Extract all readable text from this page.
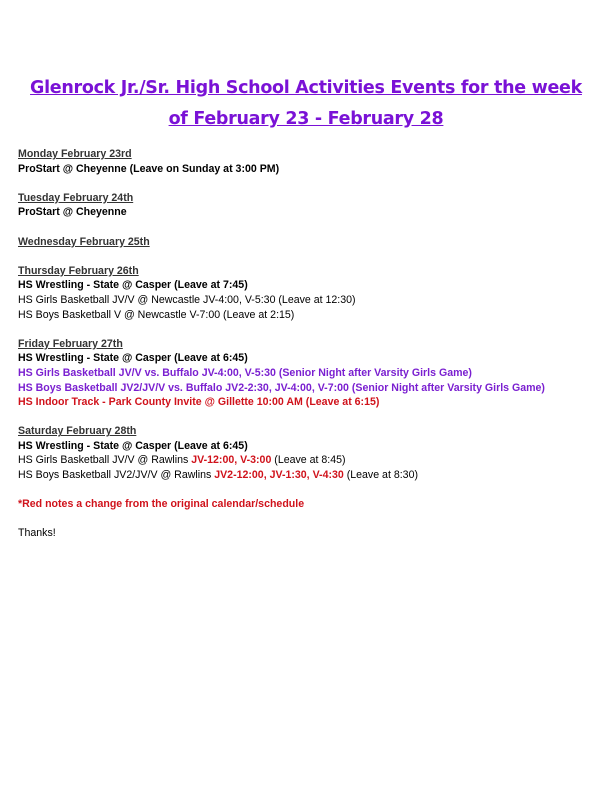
Glenrock Jr./Sr. High School Activities Events for the week
of February 23 - February 28
Monday February 23rd
ProStart @ Cheyenne (Leave on Sunday at 3:00 PM)
Tuesday February 24th
ProStart @ Cheyenne
Wednesday February 25th
Thursday February 26th
HS Wrestling - State @ Casper (Leave at 7:45)
HS Girls Basketball JV/V @ Newcastle JV-4:00, V-5:30 (Leave at 12:30)
HS Boys Basketball V @ Newcastle V-7:00 (Leave at 2:15)
Friday February 27th
HS Wrestling - State @ Casper (Leave at 6:45)
HS Girls Basketball JV/V vs. Buffalo JV-4:00, V-5:30 (Senior Night after Varsity Girls Game)
HS Boys Basketball JV2/JV/V vs. Buffalo JV2-2:30, JV-4:00, V-7:00 (Senior Night after Varsity Girls Game)
HS Indoor Track - Park County Invite @ Gillette 10:00 AM (Leave at 6:15)
Saturday February 28th
HS Wrestling - State @ Casper (Leave at 6:45)
HS Girls Basketball JV/V @ Rawlins JV-12:00, V-3:00 (Leave at 8:45)
HS Boys Basketball JV2/JV/V @ Rawlins JV2-12:00, JV-1:30, V-4:30 (Leave at 8:30)
*Red notes a change from the original calendar/schedule
Thanks!
